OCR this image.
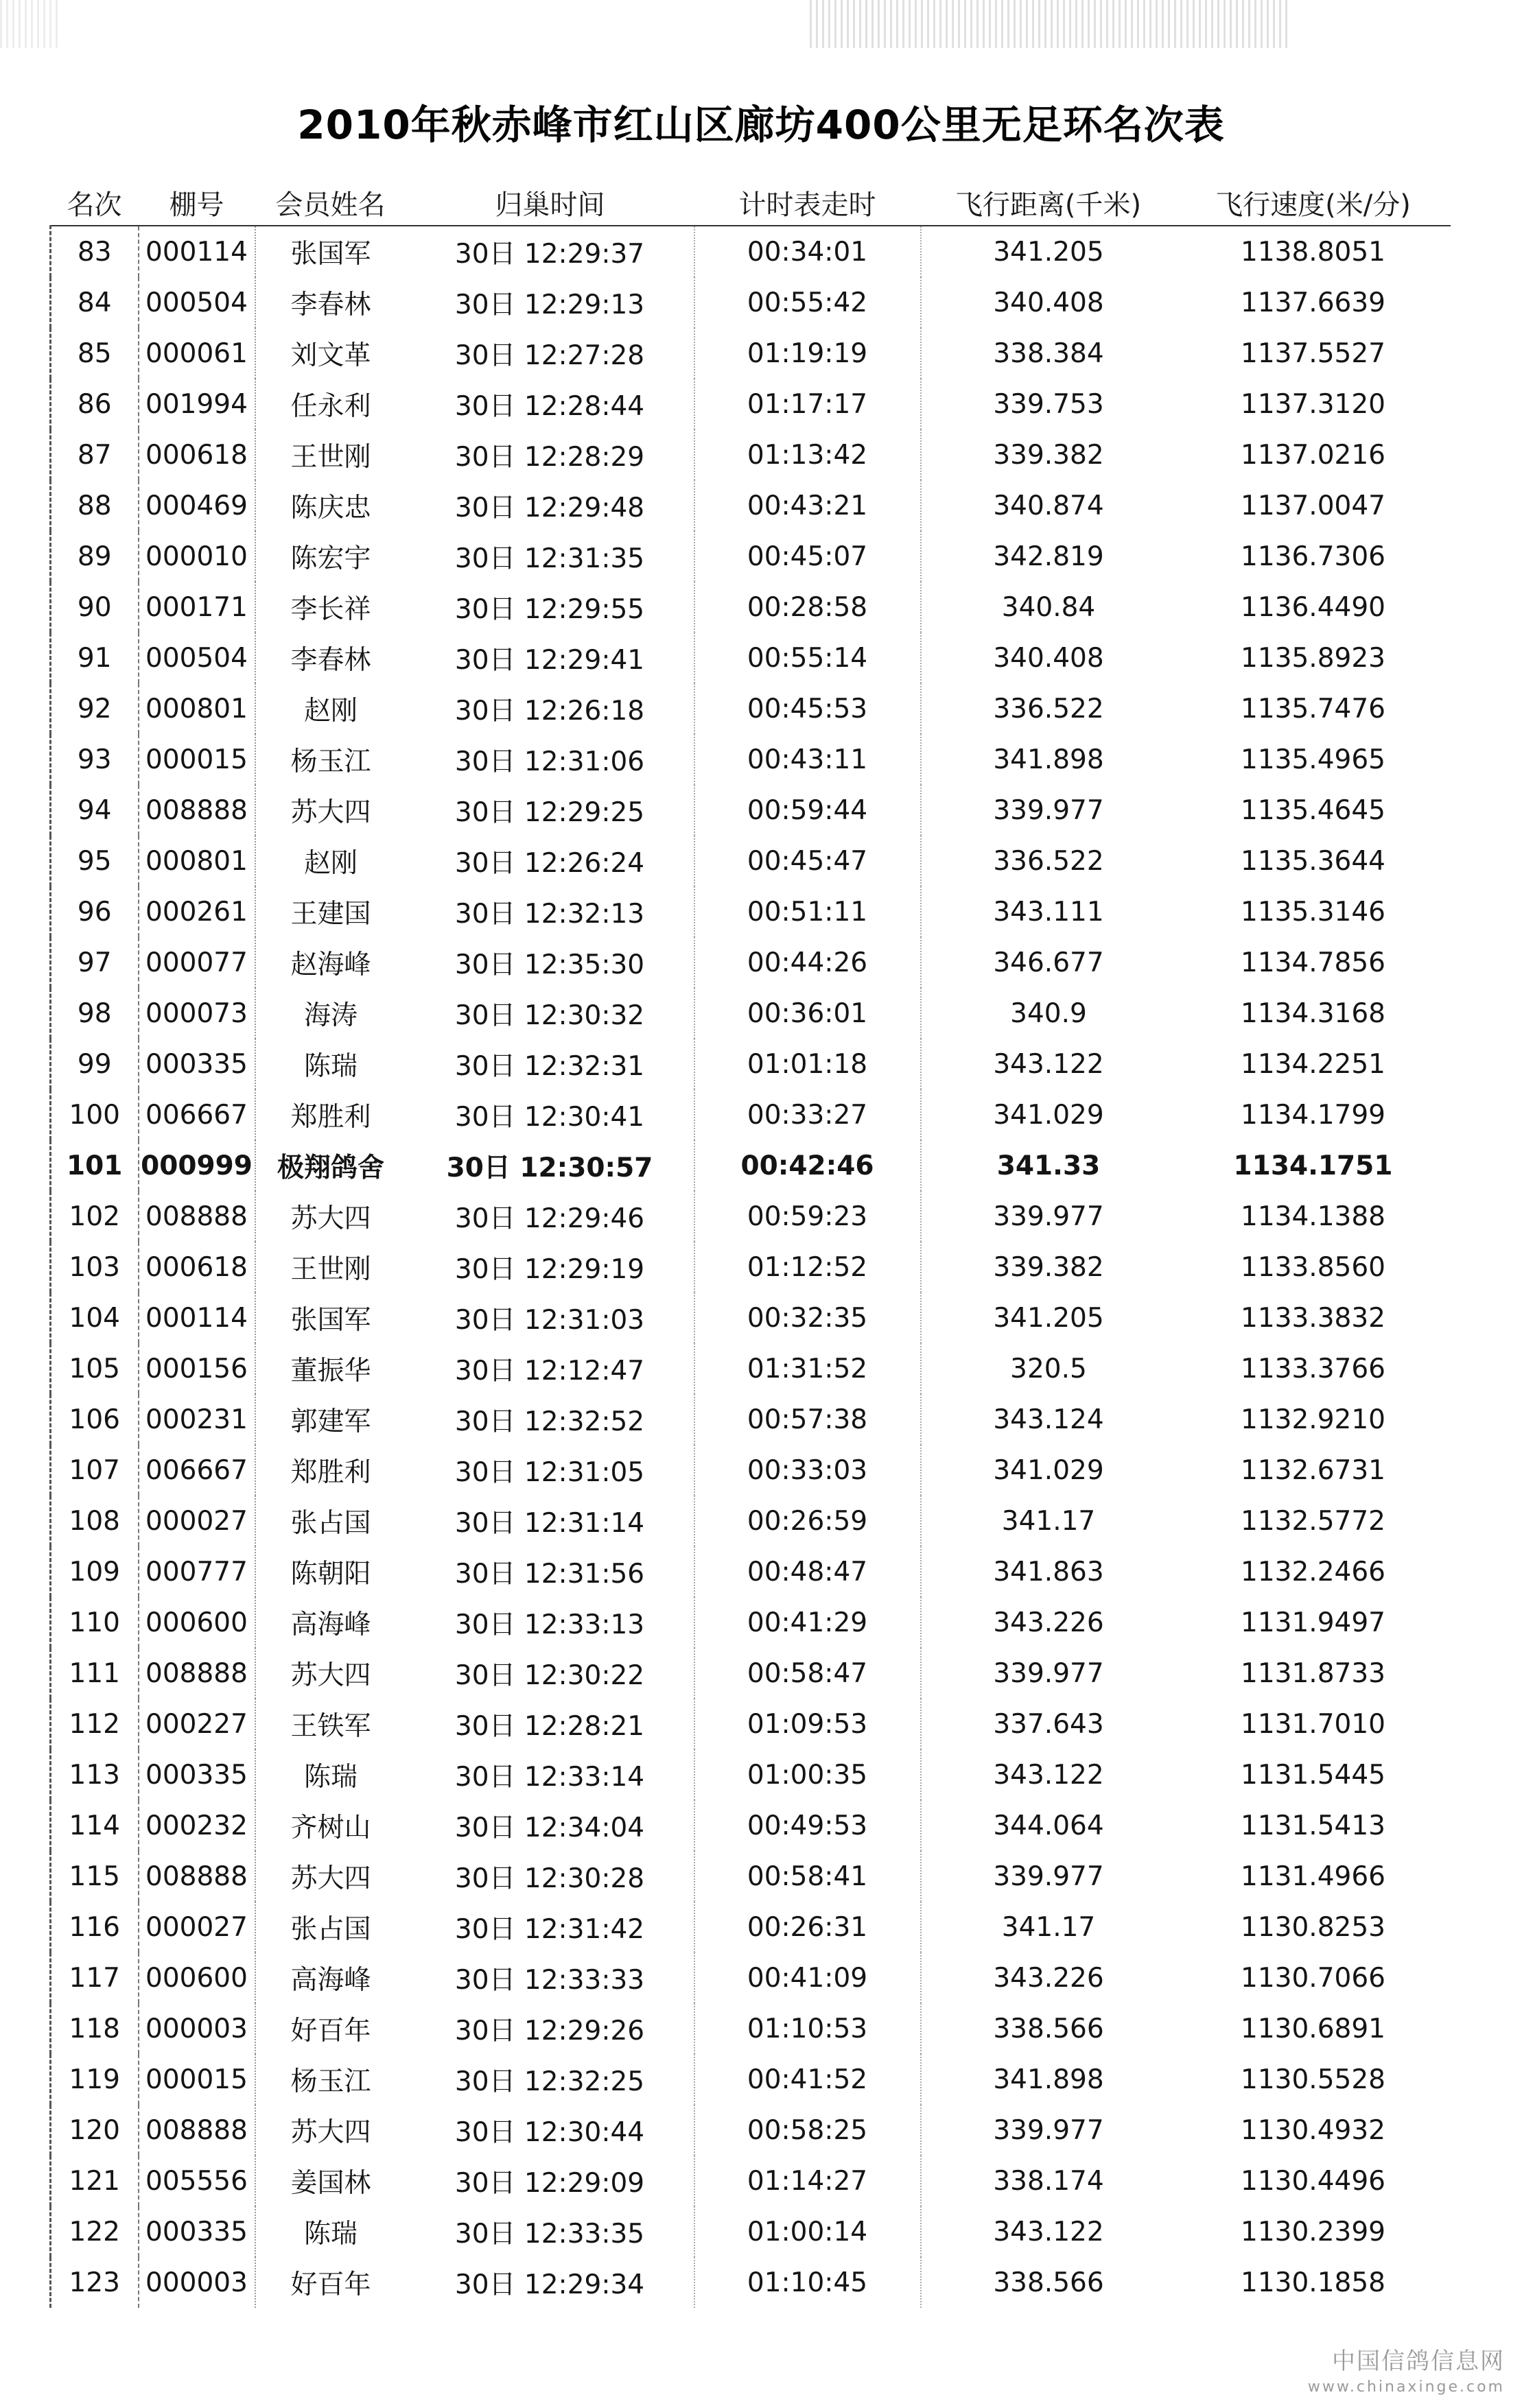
2010年秋赤峰市红山区廊坊400公里无足环名次表
名次	棚号	会员姓名	归巢时间	计时表走时	飞行距离(千米)	飞行速度(米/分)
83	000114	张国军	30日 12:29:37	00:34:01	341.205	1138.8051
84	000504	李春林	30日 12:29:13	00:55:42	340.408	1137.6639
85	000061	刘文革	30日 12:27:28	01:19:19	338.384	1137.5527
86	001994	任永利	30日 12:28:44	01:17:17	339.753	1137.3120
87	000618	王世刚	30日 12:28:29	01:13:42	339.382	1137.0216
88	000469	陈庆忠	30日 12:29:48	00:43:21	340.874	1137.0047
89	000010	陈宏宇	30日 12:31:35	00:45:07	342.819	1136.7306
90	000171	李长祥	30日 12:29:55	00:28:58	340.84	1136.4490
91	000504	李春林	30日 12:29:41	00:55:14	340.408	1135.8923
92	000801	赵刚	30日 12:26:18	00:45:53	336.522	1135.7476
93	000015	杨玉江	30日 12:31:06	00:43:11	341.898	1135.4965
94	008888	苏大四	30日 12:29:25	00:59:44	339.977	1135.4645
95	000801	赵刚	30日 12:26:24	00:45:47	336.522	1135.3644
96	000261	王建国	30日 12:32:13	00:51:11	343.111	1135.3146
97	000077	赵海峰	30日 12:35:30	00:44:26	346.677	1134.7856
98	000073	海涛	30日 12:30:32	00:36:01	340.9	1134.3168
99	000335	陈瑞	30日 12:32:31	01:01:18	343.122	1134.2251
100	006667	郑胜利	30日 12:30:41	00:33:27	341.029	1134.1799
101	000999	极翔鸽舍	30日 12:30:57	00:42:46	341.33	1134.1751
102	008888	苏大四	30日 12:29:46	00:59:23	339.977	1134.1388
103	000618	王世刚	30日 12:29:19	01:12:52	339.382	1133.8560
104	000114	张国军	30日 12:31:03	00:32:35	341.205	1133.3832
105	000156	董振华	30日 12:12:47	01:31:52	320.5	1133.3766
106	000231	郭建军	30日 12:32:52	00:57:38	343.124	1132.9210
107	006667	郑胜利	30日 12:31:05	00:33:03	341.029	1132.6731
108	000027	张占国	30日 12:31:14	00:26:59	341.17	1132.5772
109	000777	陈朝阳	30日 12:31:56	00:48:47	341.863	1132.2466
110	000600	高海峰	30日 12:33:13	00:41:29	343.226	1131.9497
111	008888	苏大四	30日 12:30:22	00:58:47	339.977	1131.8733
112	000227	王铁军	30日 12:28:21	01:09:53	337.643	1131.7010
113	000335	陈瑞	30日 12:33:14	01:00:35	343.122	1131.5445
114	000232	齐树山	30日 12:34:04	00:49:53	344.064	1131.5413
115	008888	苏大四	30日 12:30:28	00:58:41	339.977	1131.4966
116	000027	张占国	30日 12:31:42	00:26:31	341.17	1130.8253
117	000600	高海峰	30日 12:33:33	00:41:09	343.226	1130.7066
118	000003	好百年	30日 12:29:26	01:10:53	338.566	1130.6891
119	000015	杨玉江	30日 12:32:25	00:41:52	341.898	1130.5528
120	008888	苏大四	30日 12:30:44	00:58:25	339.977	1130.4932
121	005556	姜国林	30日 12:29:09	01:14:27	338.174	1130.4496
122	000335	陈瑞	30日 12:33:35	01:00:14	343.122	1130.2399
123	000003	好百年	30日 12:29:34	01:10:45	338.566	1130.1858
中国信鸽信息网
www.chinaxinge.com
